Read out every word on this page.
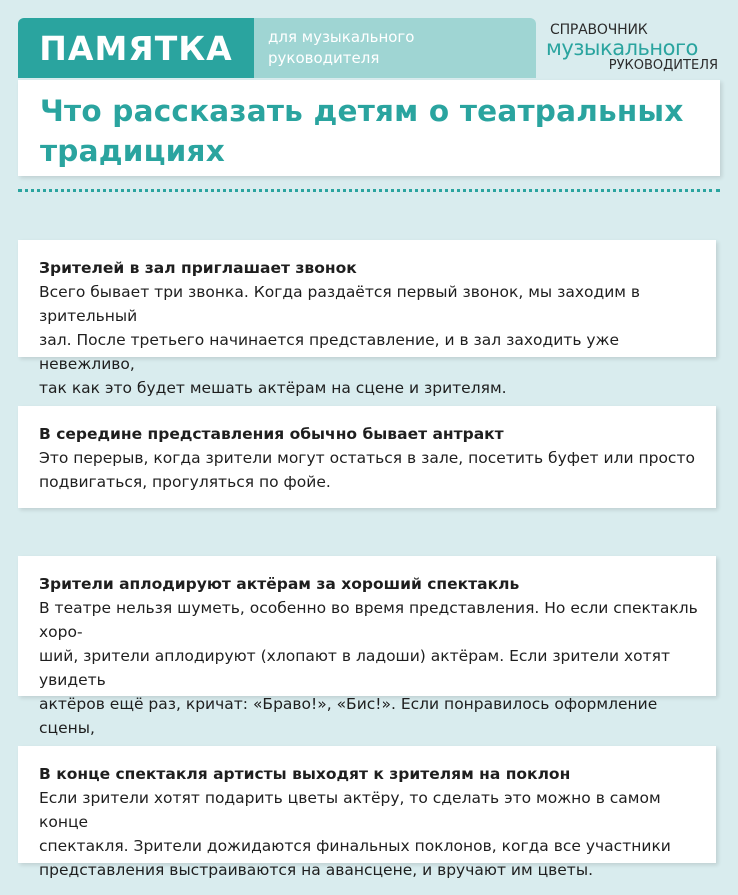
ПАМЯТКА для музыкального
руководителя
СПРАВОЧНИК
музыкального
РУКОВОДИТЕЛЯ
Что рассказать детям о театральных традициях
Зрителей в зал приглашает звонок

Всего бывает три звонка. Когда раздаётся первый звонок, мы заходим в зрительный
зал. После третьего начинается представление, и в зал заходить уже невежливо,
так как это будет мешать актёрам на сцене и зрителям.

В середине представления обычно бывает антракт

Это перерыв, когда зрители могут остаться в зале, посетить буфет или просто
подвигаться, прогуляться по фойе.

Зрители аплодируют актёрам за хороший спектакль

В театре нельзя шуметь, особенно во время представления. Но если спектакль хоро-
ший, зрители аплодируют (хлопают в ладоши) актёрам. Если зрители хотят увидеть
актёров ещё раз, кричат: «Браво!», «Бис!». Если понравилось оформление сцены,

В конце спектакля артисты выходят к зрителям на поклон

Если зрители хотят подарить цветы актёру, то сделать это можно в самом конце
спектакля. Зрители дожидаются финальных поклонов, когда все участники
представления выстраиваются на авансцене, и вручают им цветы.
